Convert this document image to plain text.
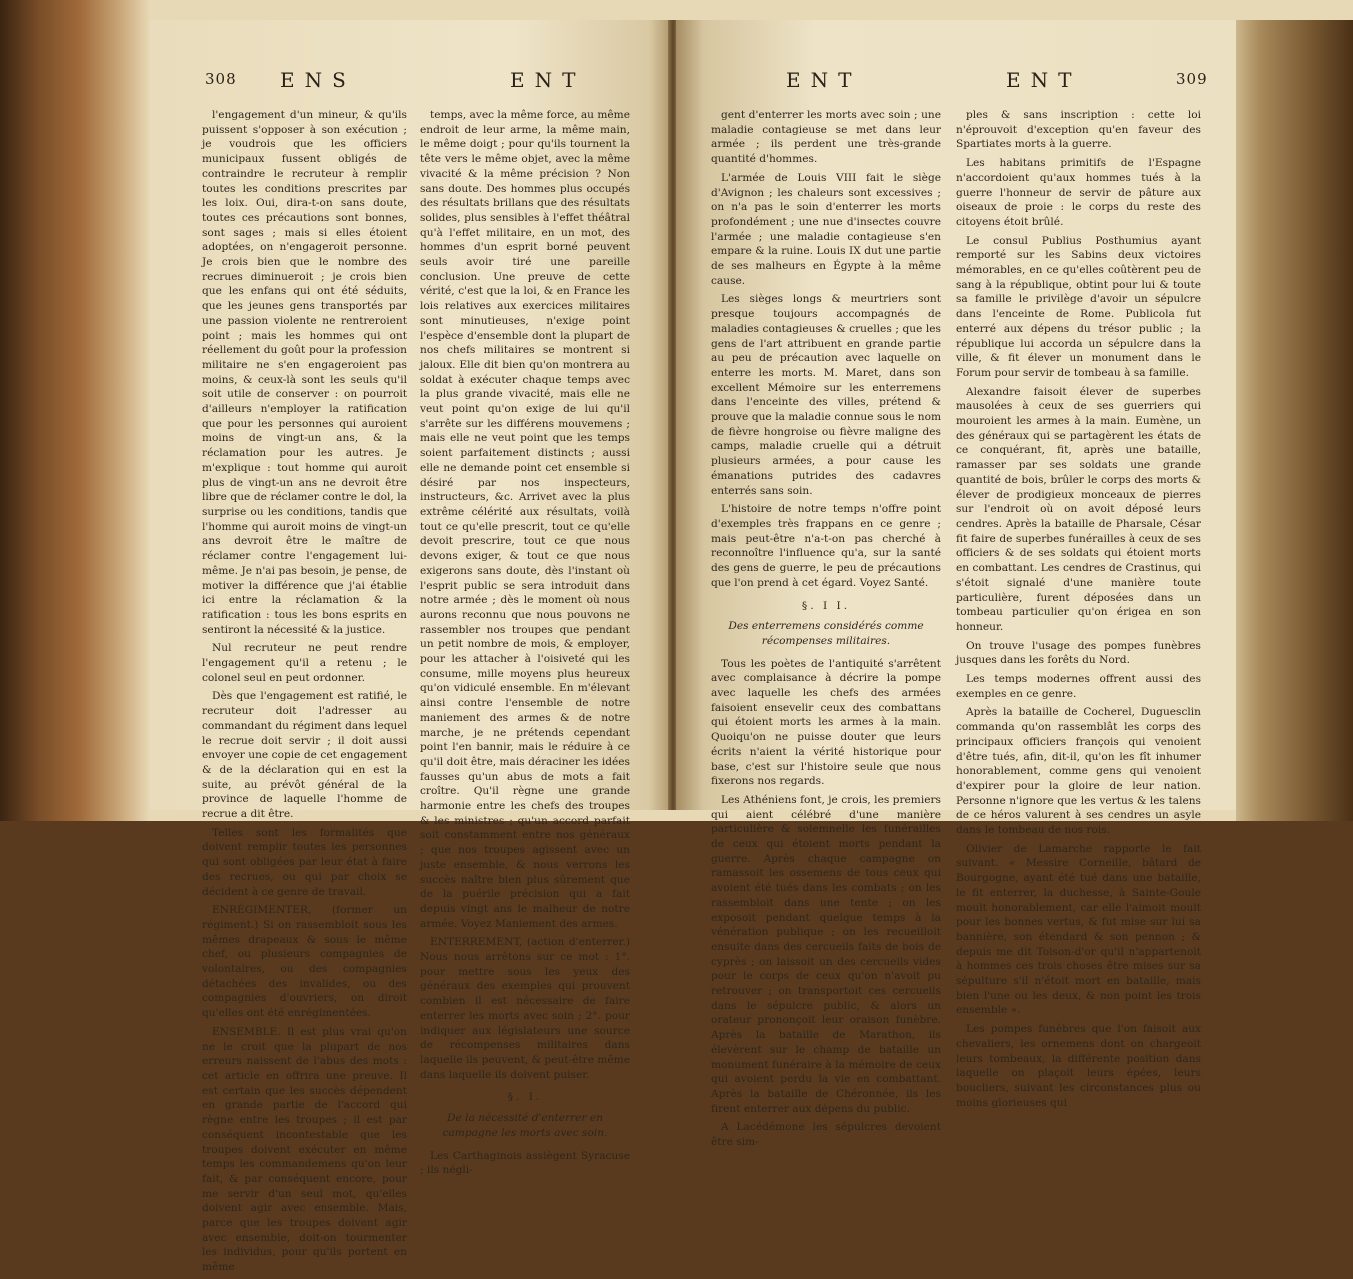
308 ENS	ENT

l'engagement d'un mineur, & qu'ils puissent s'opposer à son exécution ; je voudrois que les officiers municipaux fussent obligés de contraindre le recruteur à remplir toutes les conditions prescrites par les loix. Oui, dira-t-on sans doute, toutes ces précautions sont bonnes, sont sages ; mais si elles étoient adoptées, on n'engageroit personne. Je crois bien que le nombre des recrues diminueroit ; je crois bien que les enfans qui ont été séduits, que les jeunes gens transportés par une passion violente ne rentreroient point ; mais les hommes qui ont réellement du goût pour la profession militaire ne s'en engageroient pas moins, & ceux-là sont les seuls qu'il soit utile de conserver : on pourroit d'ailleurs n'employer la ratification que pour les personnes qui auroient moins de vingt-un ans, & la réclamation pour les autres. Je m'explique : tout homme qui auroit plus de vingt-un ans ne devroit être libre que de réclamer contre le dol, la surprise ou les conditions, tandis que l'homme qui auroit moins de vingt-un ans devroit être le maître de réclamer contre l'engagement lui-même. Je n'ai pas besoin, je pense, de motiver la différence que j'ai établie ici entre la réclamation & la ratification : tous les bons esprits en sentiront la nécessité & la justice.

Nul recruteur ne peut rendre l'engagement qu'il a retenu ; le colonel seul en peut ordonner.

Dès que l'engagement est ratifié, le recruteur doit l'adresser au commandant du régiment dans lequel le recrue doit servir ; il doit aussi envoyer une copie de cet engagement & de la déclaration qui en est la suite, au prévôt général de la province de laquelle l'homme de recrue a dit être.

Telles sont les formalités que doivent remplir toutes les personnes qui sont obligées par leur état à faire des recrues, ou qui par choix se décident à ce genre de travail.

ENRÉGIMENTER, (former un régiment.) Si on rassembloit sous les mêmes drapeaux & sous le même chef, ou plusieurs compagnies de volontaires, ou des compagnies détachées des invalides, ou des compagnies d'ouvriers, on diroit qu'elles ont été enrégimentées.

ENSEMBLE. Il est plus vrai qu'on ne le croit que la plupart de nos erreurs naissent de l'abus des mots : cet article en offrira une preuve. Il est certain que les succès dépendent en grande partie de l'accord qui règne entre les troupes ; il est par conséquent incontestable que les troupes doivent exécuter en même temps les commandemens qu'on leur fait, & par conséquent encore, pour me servir d'un seul mot, qu'elles doivent agir avec ensemble. Mais, parce que les troupes doivent agir avec ensemble, doit-on tourmenter les individus, pour qu'ils portent en même

temps, avec la même force, au même endroit de leur arme, la même main, le même doigt ; pour qu'ils tournent la tête vers le même objet, avec la même vivacité & la même précision ? Non sans doute. Des hommes plus occupés des résultats brillans que des résultats solides, plus sensibles à l'effet théâtral qu'à l'effet militaire, en un mot, des hommes d'un esprit borné peuvent seuls avoir tiré une pareille conclusion. Une preuve de cette vérité, c'est que la loi, & en France les lois relatives aux exercices militaires sont minutieuses, n'exige point l'espèce d'ensemble dont la plupart de nos chefs militaires se montrent si jaloux. Elle dit bien qu'on montrera au soldat à exécuter chaque temps avec la plus grande vivacité, mais elle ne veut point qu'on exige de lui qu'il s'arrête sur les différens mouvemens ; mais elle ne veut point que les temps soient parfaitement distincts ; aussi elle ne demande point cet ensemble si désiré par nos inspecteurs, instructeurs, &c. Arrivet avec la plus extrême célérité aux résultats, voilà tout ce qu'elle prescrit, tout ce qu'elle devoit prescrire, tout ce que nous devons exiger, & tout ce que nous exigerons sans doute, dès l'instant où l'esprit public se sera introduit dans notre armée ; dès le moment où nous aurons reconnu que nous pouvons ne rassembler nos troupes que pendant un petit nombre de mois, & employer, pour les attacher à l'oisiveté qui les consume, mille moyens plus heureux qu'on vidiculé ensemble. En m'élevant ainsi contre l'ensemble de notre maniement des armes & de notre marche, je ne prétends cependant point l'en bannir, mais le réduire à ce qu'il doit être, mais déraciner les idées fausses qu'un abus de mots a fait croître. Qu'il règne une grande harmonie entre les chefs des troupes & les ministres ; qu'un accord parfait soit constamment entre nos généraux ; que nos troupes agissent avec un juste ensemble, & nous verrons les succès naître bien plus sûrement que de la puérile précision qui a fait depuis vingt ans le malheur de notre armée. Voyez Maniement des armes.

ENTERREMENT, (action d'enterrer.) Nous nous arrêtons sur ce mot : 1°. pour mettre sous les yeux des généraux des exemples qui prouvent combien il est nécessaire de faire enterrer les morts avec soin ; 2°. pour indiquer aux législateurs une source de récompenses militaires dans laquelle ils peuvent, & peut-être même dans laquelle ils doivent puiser.

§. I.
De la nécessité d'enterrer en campagne les morts avec soin.

Les Carthaginois assiègent Syracuse ; ils négli-

ENT	ENT	309

gent d'enterrer les morts avec soin ; une maladie contagieuse se met dans leur armée ; ils perdent une très-grande quantité d'hommes.

L'armée de Louis VIII fait le siège d'Avignon ; les chaleurs sont excessives ; on n'a pas le soin d'enterrer les morts profondément ; une nue d'insectes couvre l'armée ; une maladie contagieuse s'en empare & la ruine. Louis IX dut une partie de ses malheurs en Égypte à la même cause.

Les sièges longs & meurtriers sont presque toujours accompagnés de maladies contagieuses & cruelles ; que les gens de l'art attribuent en grande partie au peu de précaution avec laquelle on enterre les morts. M. Maret, dans son excellent Mémoire sur les enterremens dans l'enceinte des villes, prétend & prouve que la maladie connue sous le nom de fièvre hongroise ou fièvre maligne des camps, maladie cruelle qui a détruit plusieurs armées, a pour cause les émanations putrides des cadavres enterrés sans soin.

L'histoire de notre temps n'offre point d'exemples très frappans en ce genre ; mais peut-être n'a-t-on pas cherché à reconnoître l'influence qu'a, sur la santé des gens de guerre, le peu de précautions que l'on prend à cet égard. Voyez Santé.

§. I I.
Des enterremens considérés comme récompenses militaires.

Tous les poètes de l'antiquité s'arrêtent avec complaisance à décrire la pompe avec laquelle les chefs des armées faisoient ensevelir ceux des combattans qui étoient morts les armes à la main. Quoiqu'on ne puisse douter que leurs écrits n'aient la vérité historique pour base, c'est sur l'histoire seule que nous fixerons nos regards.

Les Athéniens font, je crois, les premiers qui aient célébré d'une manière particulière & solemnelle les funérailles de ceux qui étoient morts pendant la guerre. Après chaque campagne on ramassoit les ossemens de tous ceux qui avoient été tués dans les combats ; on les rassembloit dans une tente ; on les exposoit pendant quelque temps à la vénération publique ; on les recueilloit ensuite dans des cercueils faits de bois de cyprès ; on laissoit un des cercueils vides pour le corps de ceux qu'on n'avoit pu retrouver ; on transportoit ces cercueils dans le sépulcre public, & alors un orateur prononçoit leur oraison funèbre. Après la bataille de Marathon, ils élevèrent sur le champ de bataille un monument funéraire à la mémoire de ceux qui avoient perdu la vie en combattant. Après la bataille de Chéronnée, ils les firent enterrer aux dépens du public.

A Lacédémone les sépulcres devoient être sim-

ples & sans inscription : cette loi n'éprouvoit d'exception qu'en faveur des Spartiates morts à la guerre.

Les habitans primitifs de l'Espagne n'accordoient qu'aux hommes tués à la guerre l'honneur de servir de pâture aux oiseaux de proie : le corps du reste des citoyens étoit brûlé.

Le consul Publius Posthumius ayant remporté sur les Sabins deux victoires mémorables, en ce qu'elles coûtèrent peu de sang à la république, obtint pour lui & toute sa famille le privilège d'avoir un sépulcre dans l'enceinte de Rome. Publicola fut enterré aux dépens du trésor public ; la république lui accorda un sépulcre dans la ville, & fit élever un monument dans le Forum pour servir de tombeau à sa famille.

Alexandre faisoit élever de superbes mausolées à ceux de ses guerriers qui mouroient les armes à la main. Eumène, un des généraux qui se partagèrent les états de ce conquérant, fit, après une bataille, ramasser par ses soldats une grande quantité de bois, brûler le corps des morts & élever de prodigieux monceaux de pierres sur l'endroit où on avoit déposé leurs cendres. Après la bataille de Pharsale, César fit faire de superbes funérailles à ceux de ses officiers & de ses soldats qui étoient morts en combattant. Les cendres de Crastinus, qui s'étoit signalé d'une manière toute particulière, furent déposées dans un tombeau particulier qu'on érigea en son honneur.

On trouve l'usage des pompes funèbres jusques dans les forêts du Nord.

Les temps modernes offrent aussi des exemples en ce genre.

Après la bataille de Cocherel, Duguesclin commanda qu'on rassemblât les corps des principaux officiers françois qui venoient d'être tués, afin, dit-il, qu'on les fît inhumer honorablement, comme gens qui venoient d'expirer pour la gloire de leur nation. Personne n'ignore que les vertus & les talens de ce héros valurent à ses cendres un asyle dans le tombeau de nos rois.

Olivier de Lamarche rapporte le fait suivant. « Messire Corneille, bâtard de Bourgogne, ayant été tué dans une bataille, le fit enterrer, la duchesse, à Sainte-Goule moult honorablement, car elle l'aimoit moult pour les bonnes vertus, & fut mise sur lui sa bannière, son étendard & son pennon ; & depuis me dit Toison-d'or qu'il n'appartenoit à hommes ces trois choses être mises sur sa sépulture s'il n'étoit mort en bataille, mais bien l'une ou les deux, & non point les trois ensemble ».

Les pompes funèbres que l'on faisoit aux chevaliers, les ornemens dont on chargeoit leurs tombeaux, la différente position dans laquelle on plaçoit leurs épées, leurs boucliers, suivant les circonstances plus ou moins glorieuses qui
